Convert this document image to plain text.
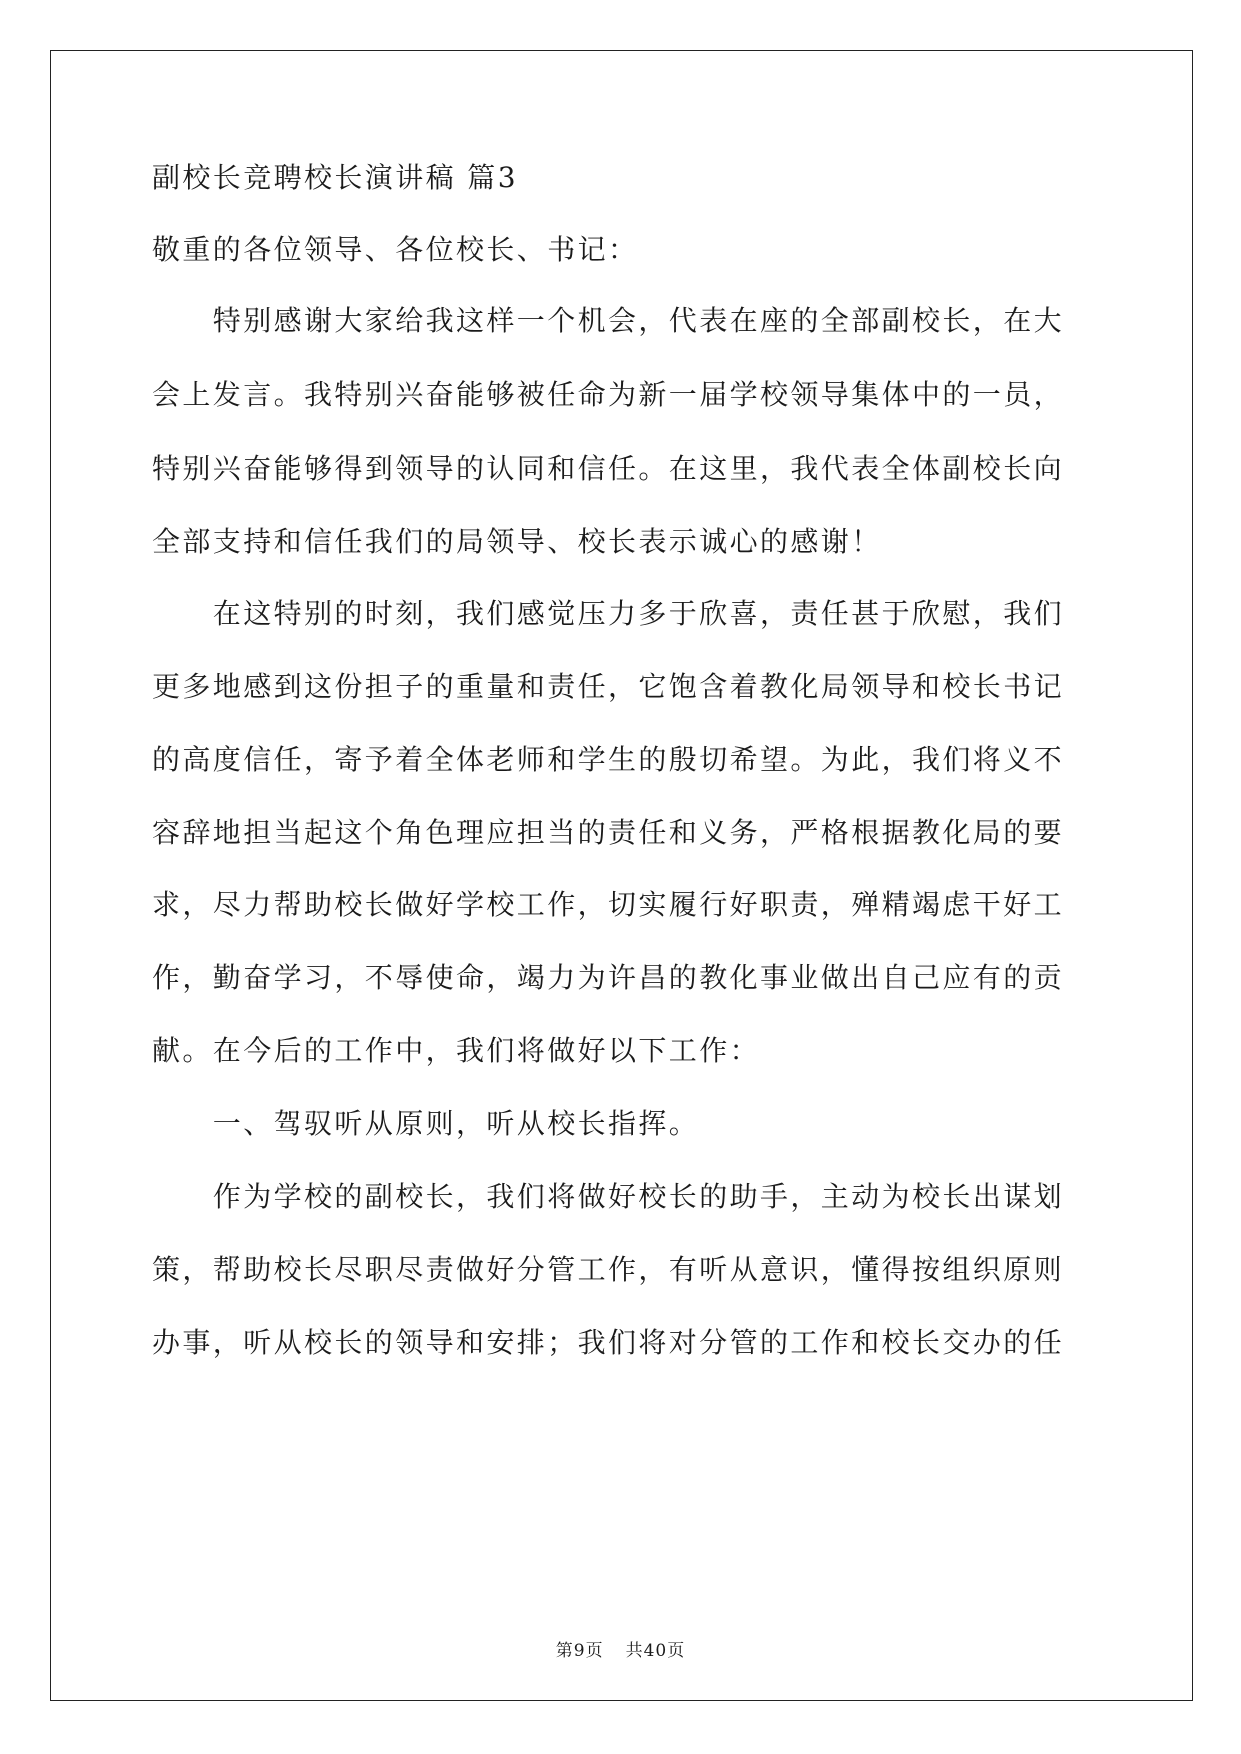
副校长竞聘校长演讲稿 篇3
敬重的各位领导、各位校长、书记：
　　特别感谢大家给我这样一个机会，代表在座的全部副校长，在大
会上发言。我特别兴奋能够被任命为新一届学校领导集体中的一员，
特别兴奋能够得到领导的认同和信任。在这里，我代表全体副校长向
全部支持和信任我们的局领导、校长表示诚心的感谢！
　　在这特别的时刻，我们感觉压力多于欣喜，责任甚于欣慰，我们
更多地感到这份担子的重量和责任，它饱含着教化局领导和校长书记
的高度信任，寄予着全体老师和学生的殷切希望。为此，我们将义不
容辞地担当起这个角色理应担当的责任和义务，严格根据教化局的要
求，尽力帮助校长做好学校工作，切实履行好职责，殚精竭虑干好工
作，勤奋学习，不辱使命，竭力为许昌的教化事业做出自己应有的贡
献。在今后的工作中，我们将做好以下工作：
　　一、驾驭听从原则，听从校长指挥。
　　作为学校的副校长，我们将做好校长的助手，主动为校长出谋划
策，帮助校长尽职尽责做好分管工作，有听从意识，懂得按组织原则
办事，听从校长的领导和安排；我们将对分管的工作和校长交办的任
第9页 共40页
